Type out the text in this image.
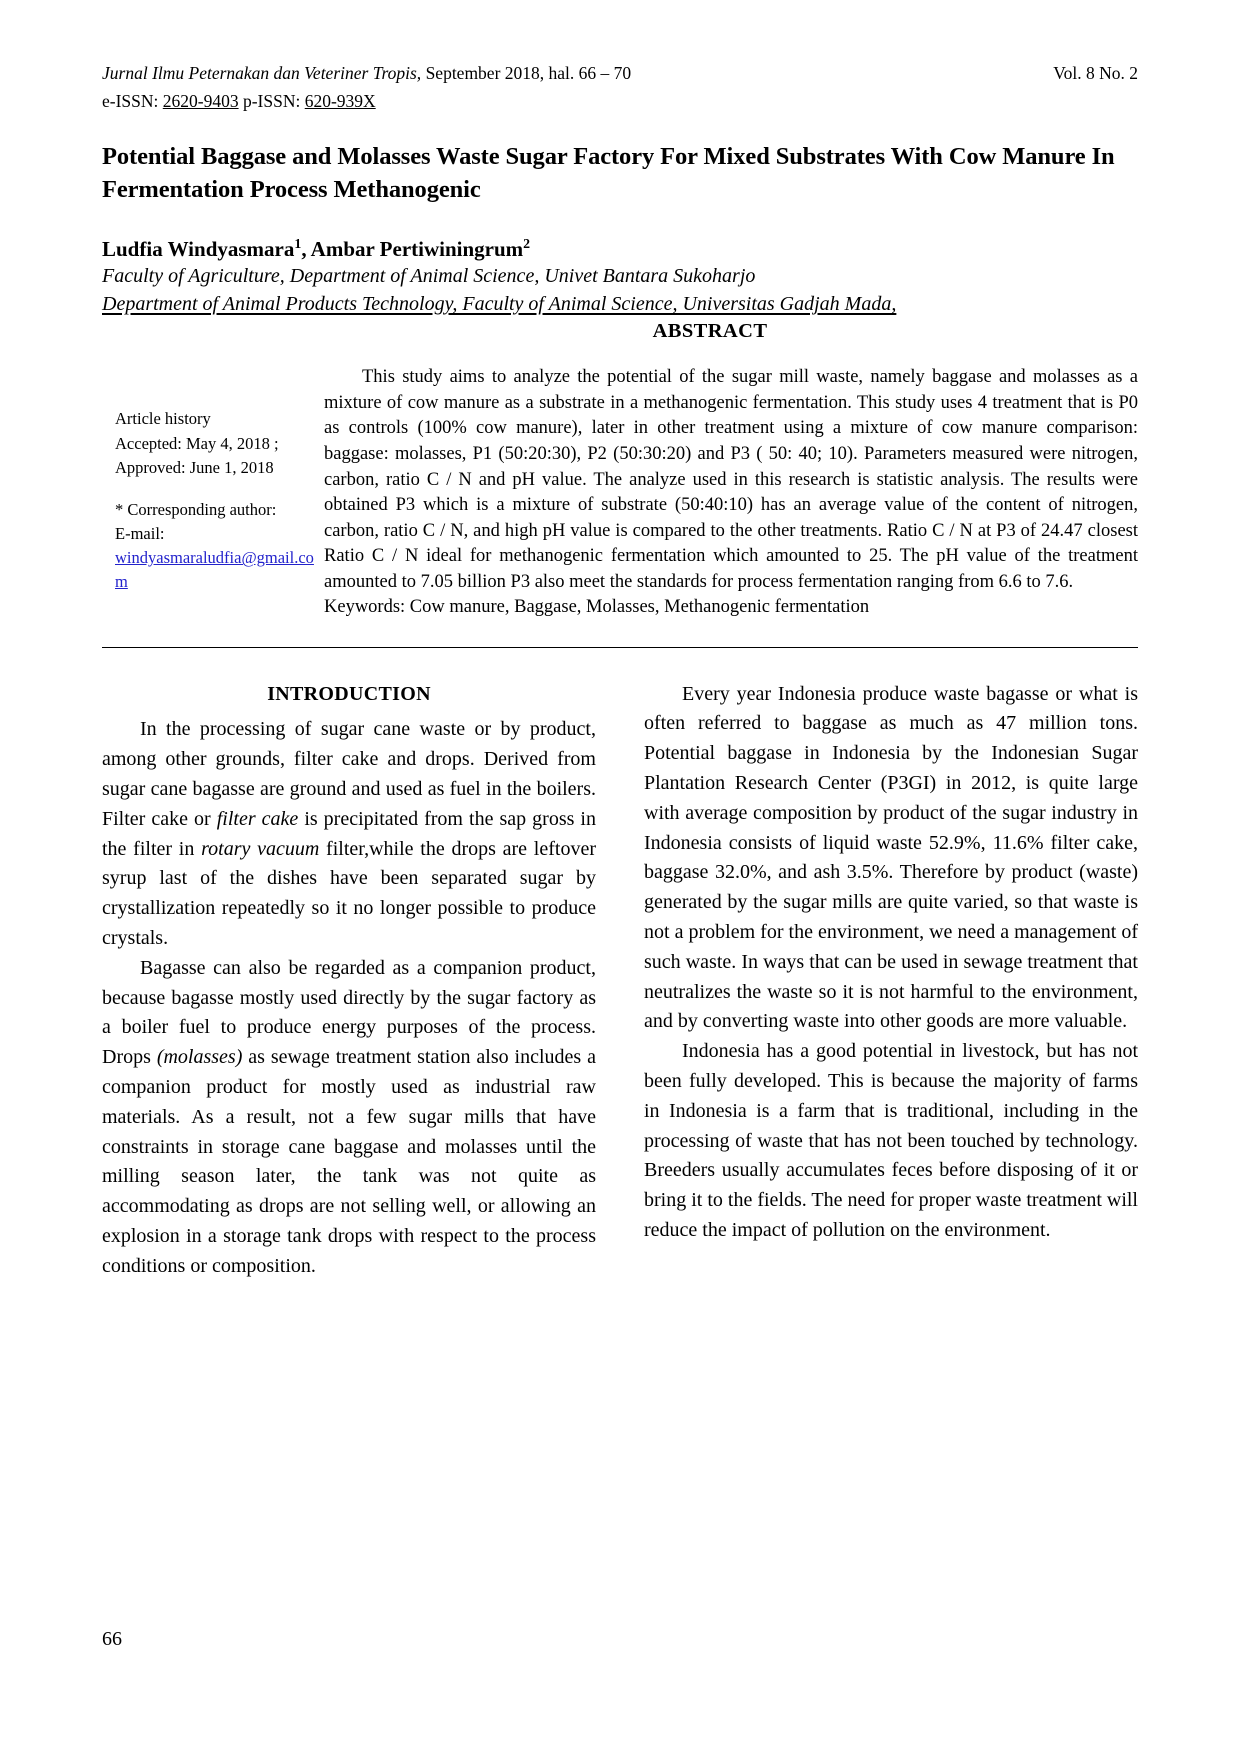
Jurnal Ilmu Peternakan dan Veteriner Tropis, September 2018, hal. 66 – 70	Vol. 8 No. 2
e-ISSN: 2620-9403 p-ISSN: 620-939X
Potential Baggase and Molasses Waste Sugar Factory For Mixed Substrates With Cow Manure In Fermentation Process Methanogenic
Ludfia Windyasmara$^1$, Ambar Pertiwiningrum$^2$
Faculty of Agriculture, Department of Animal Science, Univet Bantara Sukoharjo
Department of Animal Products Technology, Faculty of Animal Science, Universitas Gadjah Mada,
ABSTRACT
Article history
Accepted: May 4, 2018 ;
Approved: June 1, 2018
* Corresponding author:
E-mail:
windyasmaraludfia@gmail.com

This study aims to analyze the potential of the sugar mill waste, namely baggase and molasses as a mixture of cow manure as a substrate in a methanogenic fermentation. This study uses 4 treatment that is P0 as controls (100% cow manure), later in other treatment using a mixture of cow manure comparison: baggase: molasses, P1 (50:20:30), P2 (50:30:20) and P3 ( 50: 40; 10). Parameters measured were nitrogen, carbon, ratio C / N and pH value. The analyze used in this research is statistic analysis. The results were obtained P3 which is a mixture of substrate (50:40:10) has an average value of the content of nitrogen, carbon, ratio C / N, and high pH value is compared to the other treatments. Ratio C / N at P3 of 24.47 closest Ratio C / N ideal for methanogenic fermentation which amounted to 25. The pH value of the treatment amounted to 7.05 billion P3 also meet the standards for process fermentation ranging from 6.6 to 7.6.

Keywords: Cow manure, Baggase, Molasses, Methanogenic fermentation

INTRODUCTION

In the processing of sugar cane waste or by product, among other grounds, filter cake and drops. Derived from sugar cane bagasse are ground and used as fuel in the boilers. Filter cake or filter cake is precipitated from the sap gross in the filter in rotary vacuum filter,while the drops are leftover syrup last of the dishes have been separated sugar by crystallization repeatedly so it no longer possible to produce crystals.

Bagasse can also be regarded as a companion product, because bagasse mostly used directly by the sugar factory as a boiler fuel to produce energy purposes of the process. Drops (molasses) as sewage treatment station also includes a companion product for mostly used as industrial raw materials. As a result, not a few sugar mills that have constraints in storage cane baggase and molasses until the milling season later, the tank was not quite as accommodating as drops are not selling well, or allowing an explosion in a storage tank drops with respect to the process conditions or composition.

Every year Indonesia produce waste bagasse or what is often referred to baggase as much as 47 million tons. Potential baggase in Indonesia by the Indonesian Sugar Plantation Research Center (P3GI) in 2012, is quite large with average composition by product of the sugar industry in Indonesia consists of liquid waste 52.9%, 11.6% filter cake, baggase 32.0%, and ash 3.5%. Therefore by product (waste) generated by the sugar mills are quite varied, so that waste is not a problem for the environment, we need a management of such waste. In ways that can be used in sewage treatment that neutralizes the waste so it is not harmful to the environment, and by converting waste into other goods are more valuable.

Indonesia has a good potential in livestock, but has not been fully developed. This is because the majority of farms in Indonesia is a farm that is traditional, including in the processing of waste that has not been touched by technology. Breeders usually accumulates feces before disposing of it or bring it to the fields. The need for proper waste treatment will reduce the impact of pollution on the environment.

66
